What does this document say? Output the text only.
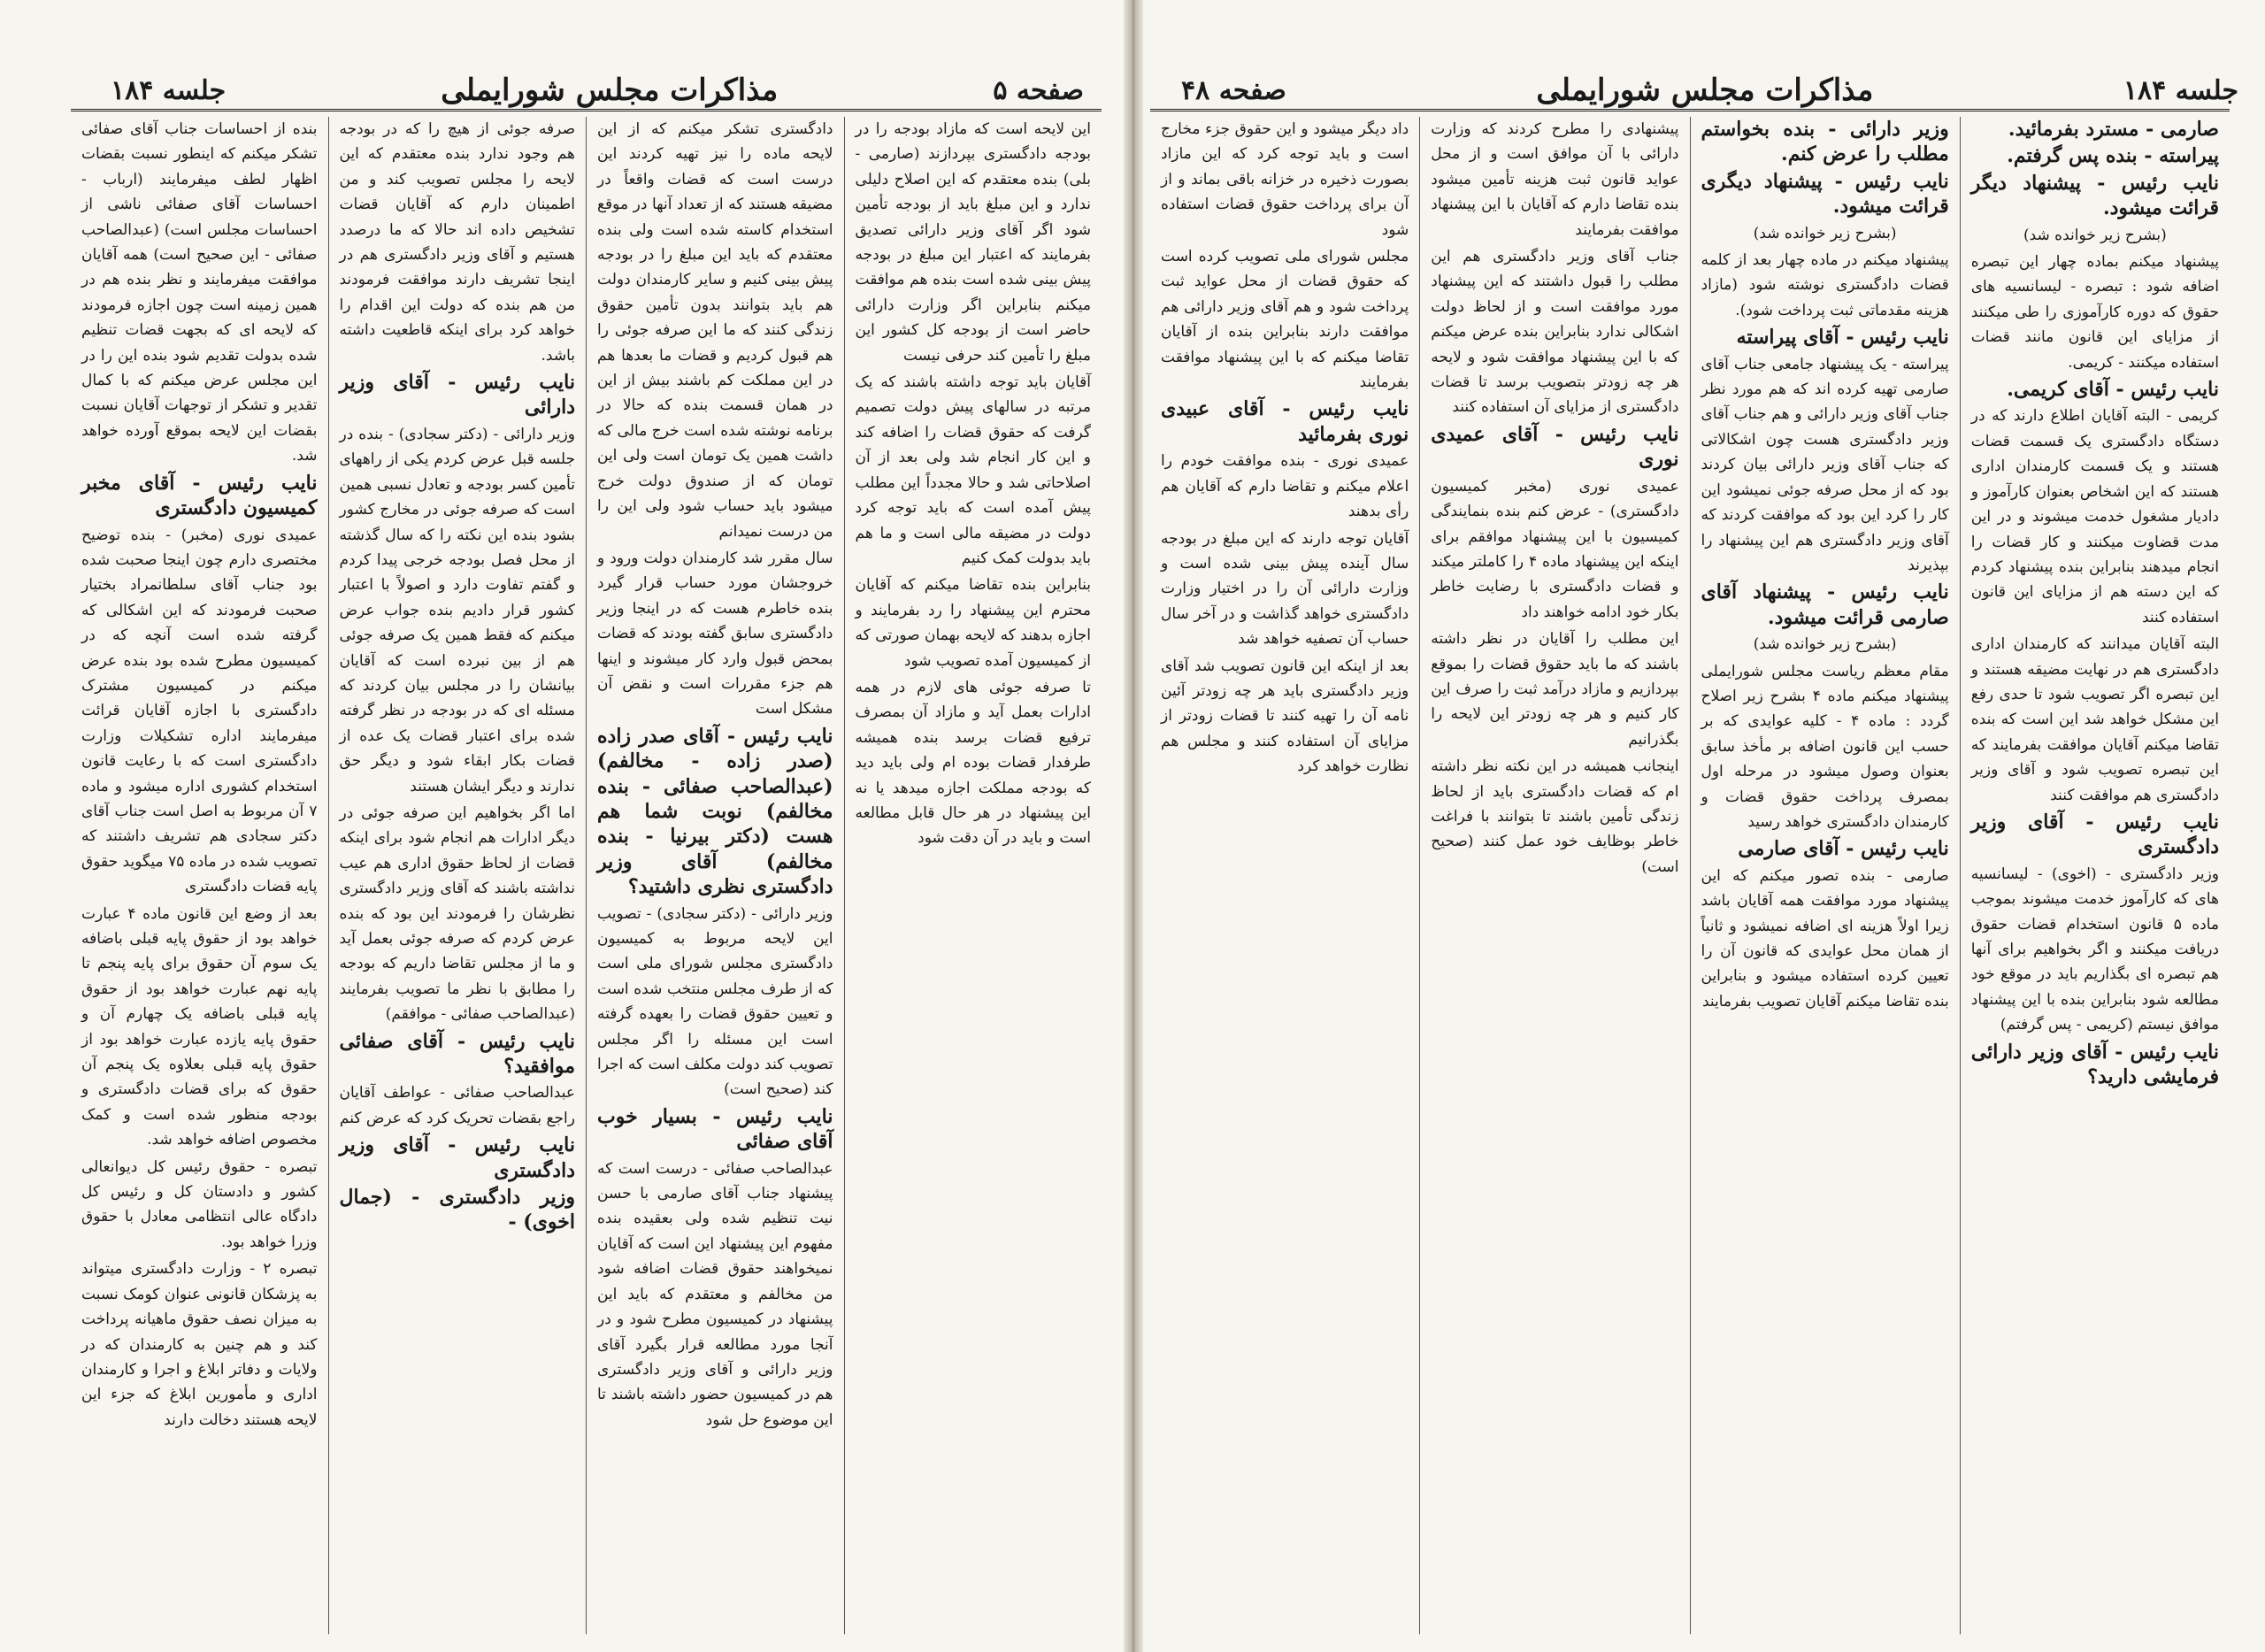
صفحه ۵
مذاکرات مجلس شورایملی
جلسه ۱۸۴

این لایحه است که مازاد بودجه را در بودجه دادگستری بپردازند (صارمی - بلی) بنده معتقدم که این اصلاح دلیلی ندارد و این مبلغ باید از بودجه تأمین شود اگر آقای وزیر دارائی تصدیق بفرمایند که اعتبار این مبلغ در بودجه پیش بینی شده است بنده هم موافقت میکنم بنابراین اگر وزارت دارائی حاضر است از بودجه کل کشور این مبلغ را تأمین کند حرفی نیست

آقایان باید توجه داشته باشند که یک مرتبه در سالهای پیش دولت تصمیم گرفت که حقوق قضات را اضافه کند و این کار انجام شد ولی بعد از آن اصلاحاتی شد و حالا مجدداً این مطلب پیش آمده است که باید توجه کرد دولت در مضیقه مالی است و ما هم باید بدولت کمک کنیم

بنابراین بنده تقاضا میکنم که آقایان محترم این پیشنهاد را رد بفرمایند و اجازه بدهند که لایحه بهمان صورتی که از کمیسیون آمده تصویب شود

تا صرفه جوئی های لازم در همه ادارات بعمل آید و مازاد آن بمصرف ترفیع قضات برسد بنده همیشه طرفدار قضات بوده ام ولی باید دید که بودجه مملکت اجازه میدهد یا نه این پیشنهاد در هر حال قابل مطالعه است و باید در آن دقت شود

دادگستری تشکر میکنم که از این لایحه ماده را نیز تهیه کردند این درست است که قضات واقعاً در مضیقه هستند که از تعداد آنها در موقع استخدام کاسته شده است ولی بنده معتقدم که باید این مبلغ را در بودجه پیش بینی کنیم و سایر کارمندان دولت هم باید بتوانند بدون تأمین حقوق زندگی کنند که ما این صرفه جوئی را هم قبول کردیم و قضات ما بعدها هم در این مملکت کم باشند بیش از این در همان قسمت بنده که حالا در برنامه نوشته شده است خرج مالی که داشت همین یک تومان است ولی این تومان که از صندوق دولت خرج میشود باید حساب شود ولی این را من درست نمیدانم

سال مقرر شد کارمندان دولت ورود و خروجشان مورد حساب قرار گیرد بنده خاطرم هست که در اینجا وزیر دادگستری سابق گفته بودند که قضات بمحض قبول وارد کار میشوند و اینها هم جزء مقررات است و نقض آن مشکل است

نایب رئیس - آقای صدر زاده (صدر زاده - مخالفم) (عبدالصاحب صفائی - بنده مخالفم) نوبت شما هم هست (دکتر بیرنیا - بنده مخالفم) آقای وزیر دادگستری نظری داشتید؟

وزیر دارائی - (دکتر سجادی) - تصویب این لایحه مربوط به کمیسیون دادگستری مجلس شورای ملی است که از طرف مجلس منتخب شده است و تعیین حقوق قضات را بعهده گرفته است این مسئله را اگر مجلس تصویب کند دولت مکلف است که اجرا کند (صحیح است)

نایب رئیس - بسیار خوب آقای صفائی

عبدالصاحب صفائی - درست است که پیشنهاد جناب آقای صارمی با حسن نیت تنظیم شده ولی بعقیده بنده مفهوم این پیشنهاد این است که آقایان نمیخواهند حقوق قضات اضافه شود من مخالفم و معتقدم که باید این پیشنهاد در کمیسیون مطرح شود و در آنجا مورد مطالعه قرار بگیرد آقای وزیر دارائی و آقای وزیر دادگستری هم در کمیسیون حضور داشته باشند تا این موضوع حل شود

صرفه جوئی از هیچ را که در بودجه هم وجود ندارد بنده معتقدم که این لایحه را مجلس تصویب کند و من اطمینان دارم که آقایان قضات تشخیص داده اند حالا که ما درصدد هستیم و آقای وزیر دادگستری هم در اینجا تشریف دارند موافقت فرمودند من هم بنده که دولت این اقدام را خواهد کرد برای اینکه قاطعیت داشته باشد.

نایب رئیس - آقای وزیر دارائی

وزیر دارائی - (دکتر سجادی) - بنده در جلسه قبل عرض کردم یکی از راههای تأمین کسر بودجه و تعادل نسبی همین است که صرفه جوئی در مخارج کشور بشود بنده این نکته را که سال گذشته از محل فصل بودجه خرجی پیدا کردم و گفتم تفاوت دارد و اصولاً با اعتبار کشور قرار دادیم بنده جواب عرض میکنم که فقط همین یک صرفه جوئی هم از بین نبرده است که آقایان بیانشان را در مجلس بیان کردند که مسئله ای که در بودجه در نظر گرفته شده برای اعتبار قضات یک عده از قضات بکار ابقاء شود و دیگر حق ندارند و دیگر ایشان هستند

اما اگر بخواهیم این صرفه جوئی در دیگر ادارات هم انجام شود برای اینکه قضات از لحاظ حقوق اداری هم عیب نداشته باشند که آقای وزیر دادگستری نظرشان را فرمودند این بود که بنده عرض کردم که صرفه جوئی بعمل آید و ما از مجلس تقاضا داریم که بودجه را مطابق با نظر ما تصویب بفرمایند (عبدالصاحب صفائی - موافقم)

نایب رئیس - آقای صفائی موافقید؟

عبدالصاحب صفائی - عواطف آقایان راجع بقضات تحریک کرد که عرض کنم

نایب رئیس - آقای وزیر دادگستری

وزیر دادگستری - (جمال اخوی) -

بنده از احساسات جناب آقای صفائی تشکر میکنم که اینطور نسبت بقضات اظهار لطف میفرمایند (ارباب - احساسات آقای صفائی ناشی از احساسات مجلس است) (عبدالصاحب صفائی - این صحیح است) همه آقایان موافقت میفرمایند و نظر بنده هم در همین زمینه است چون اجازه فرمودند که لایحه ای که بجهت قضات تنظیم شده بدولت تقدیم شود بنده این را در این مجلس عرض میکنم که با کمال تقدیر و تشکر از توجهات آقایان نسبت بقضات این لایحه بموقع آورده خواهد شد.

نایب رئیس - آقای مخبر کمیسیون دادگستری

عمیدی نوری (مخبر) - بنده توضیح مختصری دارم چون اینجا صحبت شده بود جناب آقای سلطانمراد بختیار صحبت فرمودند که این اشکالی که گرفته شده است آنچه که در کمیسیون مطرح شده بود بنده عرض میکنم در کمیسیون مشترک دادگستری با اجازه آقایان قرائت میفرمایند اداره تشکیلات وزارت دادگستری است که با رعایت قانون استخدام کشوری اداره میشود و ماده ۷ آن مربوط به اصل است جناب آقای دکتر سجادی هم تشریف داشتند که تصویب شده در ماده ۷۵ میگوید حقوق پایه قضات دادگستری

بعد از وضع این قانون ماده ۴ عبارت خواهد بود از حقوق پایه قبلی باضافه یک سوم آن حقوق برای پایه پنجم تا پایه نهم عبارت خواهد بود از حقوق پایه قبلی باضافه یک چهارم آن و حقوق پایه یازده عبارت خواهد بود از حقوق پایه قبلی بعلاوه یک پنجم آن حقوق که برای قضات دادگستری و بودجه منظور شده است و کمک مخصوص اضافه خواهد شد.

تبصره - حقوق رئیس کل دیوانعالی کشور و دادستان کل و رئیس کل دادگاه عالی انتظامی معادل با حقوق وزرا خواهد بود.

تبصره ۲ - وزارت دادگستری میتواند به پزشکان قانونی عنوان کومک نسبت به میزان نصف حقوق ماهیانه پرداخت کند و هم چنین به کارمندان که در ولایات و دفاتر ابلاغ و اجرا و کارمندان اداری و مأمورین ابلاغ که جزء این لایحه هستند دخالت دارند

جلسه ۱۸۴
مذاکرات مجلس شورایملی
صفحه ۴۸

صارمی - مسترد بفرمائید.

پیراسته - بنده پس گرفتم.

نایب رئیس - پیشنهاد دیگر قرائت میشود.

(بشرح زیر خوانده شد)

پیشنهاد میکنم بماده چهار این تبصره اضافه شود : تبصره - لیسانسیه های حقوق که دوره کارآموزی را طی میکنند از مزایای این قانون مانند قضات استفاده میکنند - کریمی.

نایب رئیس - آقای کریمی.

کریمی - البته آقایان اطلاع دارند که در دستگاه دادگستری یک قسمت قضات هستند و یک قسمت کارمندان اداری هستند که این اشخاص بعنوان کارآموز و دادیار مشغول خدمت میشوند و در این مدت قضاوت میکنند و کار قضات را انجام میدهند بنابراین بنده پیشنهاد کردم که این دسته هم از مزایای این قانون استفاده کنند

البته آقایان میدانند که کارمندان اداری دادگستری هم در نهایت مضیقه هستند و این تبصره اگر تصویب شود تا حدی رفع این مشکل خواهد شد این است که بنده تقاضا میکنم آقایان موافقت بفرمایند که این تبصره تصویب شود و آقای وزیر دادگستری هم موافقت کنند

نایب رئیس - آقای وزیر دادگستری

وزیر دادگستری - (اخوی) - لیسانسیه های که کارآموز خدمت میشوند بموجب ماده ۵ قانون استخدام قضات حقوق دریافت میکنند و اگر بخواهیم برای آنها هم تبصره ای بگذاریم باید در موقع خود مطالعه شود بنابراین بنده با این پیشنهاد موافق نیستم (کریمی - پس گرفتم)

نایب رئیس - آقای وزیر دارائی فرمایشی دارید؟

وزیر دارائی - بنده بخواستم مطلب را عرض کنم.

نایب رئیس - پیشنهاد دیگری قرائت میشود.

(بشرح زیر خوانده شد)

پیشنهاد میکنم در ماده چهار بعد از کلمه قضات دادگستری نوشته شود (مازاد هزینه مقدماتی ثبت پرداخت شود).

نایب رئیس - آقای پیراسته

پیراسته - یک پیشنهاد جامعی جناب آقای صارمی تهیه کرده اند که هم مورد نظر جناب آقای وزیر دارائی و هم جناب آقای وزیر دادگستری هست چون اشکالاتی که جناب آقای وزیر دارائی بیان کردند بود که از محل صرفه جوئی نمیشود این کار را کرد این بود که موافقت کردند که آقای وزیر دادگستری هم این پیشنهاد را بپذیرند

نایب رئیس - پیشنهاد آقای صارمی قرائت میشود.

(بشرح زیر خوانده شد)

مقام معظم ریاست مجلس شورایملی پیشنهاد میکنم ماده ۴ بشرح زیر اصلاح گردد : ماده ۴ - کلیه عوایدی که بر حسب این قانون اضافه بر مأخذ سابق بعنوان وصول میشود در مرحله اول بمصرف پرداخت حقوق قضات و کارمندان دادگستری خواهد رسید

نایب رئیس - آقای صارمی

صارمی - بنده تصور میکنم که این پیشنهاد مورد موافقت همه آقایان باشد زیرا اولاً هزینه ای اضافه نمیشود و ثانیاً از همان محل عوایدی که قانون آن را تعیین کرده استفاده میشود و بنابراین بنده تقاضا میکنم آقایان تصویب بفرمایند

پیشنهادی را مطرح کردند که وزارت دارائی با آن موافق است و از محل عواید قانون ثبت هزینه تأمین میشود بنده تقاضا دارم که آقایان با این پیشنهاد موافقت بفرمایند

جناب آقای وزیر دادگستری هم این مطلب را قبول داشتند که این پیشنهاد مورد موافقت است و از لحاظ دولت اشکالی ندارد بنابراین بنده عرض میکنم که با این پیشنهاد موافقت شود و لایحه هر چه زودتر بتصویب برسد تا قضات دادگستری از مزایای آن استفاده کنند

نایب رئیس - آقای عمیدی نوری

عمیدی نوری (مخبر کمیسیون دادگستری) - عرض کنم بنده بنمایندگی کمیسیون با این پیشنهاد موافقم برای اینکه این پیشنهاد ماده ۴ را کاملتر میکند و قضات دادگستری با رضایت خاطر بکار خود ادامه خواهند داد

این مطلب را آقایان در نظر داشته باشند که ما باید حقوق قضات را بموقع بپردازیم و مازاد درآمد ثبت را صرف این کار کنیم و هر چه زودتر این لایحه را بگذرانیم

اینجانب همیشه در این نکته نظر داشته ام که قضات دادگستری باید از لحاظ زندگی تأمین باشند تا بتوانند با فراغت خاطر بوظایف خود عمل کنند (صحیح است)

داد دیگر میشود و این حقوق جزء مخارج است و باید توجه کرد که این مازاد بصورت ذخیره در خزانه باقی بماند و از آن برای پرداخت حقوق قضات استفاده شود

مجلس شورای ملی تصویب کرده است که حقوق قضات از محل عواید ثبت پرداخت شود و هم آقای وزیر دارائی هم موافقت دارند بنابراین بنده از آقایان تقاضا میکنم که با این پیشنهاد موافقت بفرمایند

نایب رئیس - آقای عبیدی نوری بفرمائید

عمیدی نوری - بنده موافقت خودم را اعلام میکنم و تقاضا دارم که آقایان هم رأی بدهند

آقایان توجه دارند که این مبلغ در بودجه سال آینده پیش بینی شده است و وزارت دارائی آن را در اختیار وزارت دادگستری خواهد گذاشت و در آخر سال حساب آن تصفیه خواهد شد

بعد از اینکه این قانون تصویب شد آقای وزیر دادگستری باید هر چه زودتر آئین نامه آن را تهیه کنند تا قضات زودتر از مزایای آن استفاده کنند و مجلس هم نظارت خواهد کرد
